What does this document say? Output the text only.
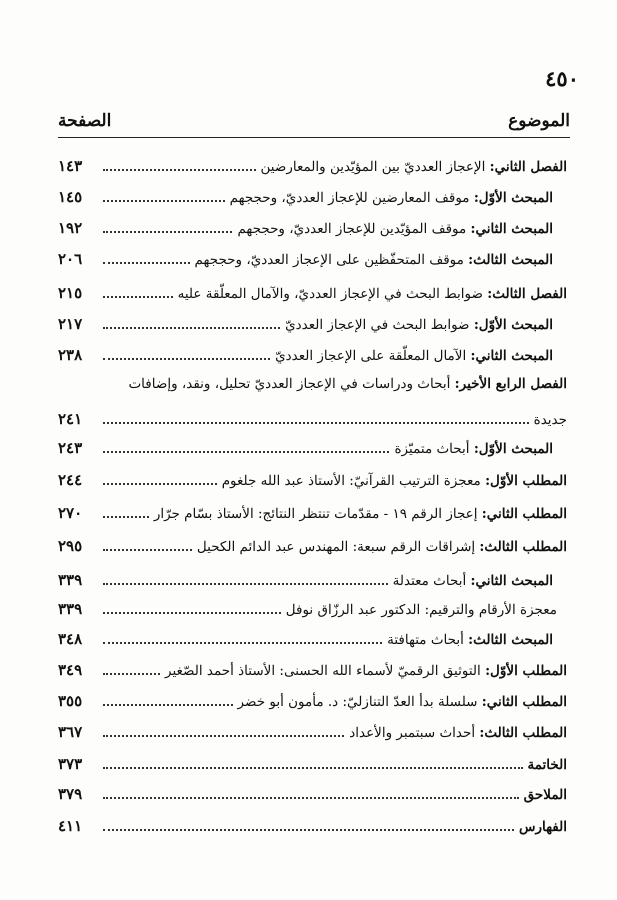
٤٥٠
الموضوع
الصفحة
الفصل الثاني: الإعجاز العدديّ بين المؤيّدين والمعارضين
١٤٣
المبحث الأوّل: موقف المعارضين للإعجاز العدديّ، وحججهم
١٤٥
المبحث الثاني: موقف المؤيّدين للإعجاز العدديّ، وحججهم
١٩٢
المبحث الثالث: موقف المتحفّظين على الإعجاز العدديّ، وحججهم
٢٠٦
الفصل الثالث: ضوابط البحث في الإعجاز العدديّ، والآمال المعلّقة عليه
٢١٥
المبحث الأوّل: ضوابط البحث في الإعجاز العدديّ
٢١٧
المبحث الثاني: الآمال المعلّقة على الإعجاز العدديّ
٢٣٨
الفصل الرابع الأخير: أبحاث ودراسات في الإعجاز العدديّ تحليل، ونقد، وإضافات
جديدة
٢٤١
المبحث الأوّل: أبحاث متميّزة
٢٤٣
المطلب الأوّل: معجزة الترتيب القرآنيّ: الأستاذ عبد الله جلغوم
٢٤٤
المطلب الثاني: إعجاز الرقم ١٩ - مقدّمات تنتظر النتائج: الأستاذ بسّام جرّار
٢٧٠
المطلب الثالث: إشراقات الرقم سبعة: المهندس عبد الدائم الكحيل
٢٩٥
المبحث الثاني: أبحاث معتدلة
٣٣٩
معجزة الأرقام والترقيم: الدكتور عبد الرزّاق نوفل
٣٣٩
المبحث الثالث: أبحاث متهافتة
٣٤٨
المطلب الأوّل: التوثيق الرقميّ لأسماء الله الحسنى: الأستاذ أحمد الصّغير
٣٤٩
المطلب الثاني: سلسلة بدأ العدّ التنازليّ: د. مأمون أبو خضر
٣٥٥
المطلب الثالث: أحداث سبتمبر والأعداد
٣٦٧
الخاتمة
٣٧٣
الملاحق
٣٧٩
الفهارس
٤١١
